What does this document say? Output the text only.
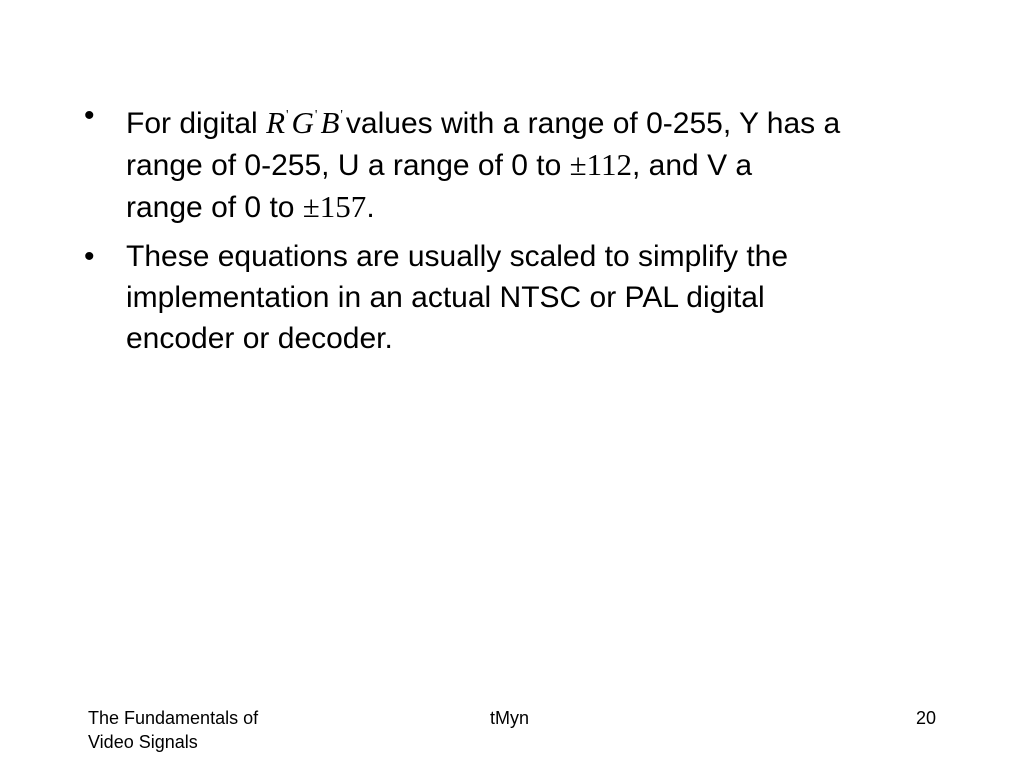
•	For digital R'G'B' values with a range of 0-255, Y has a
range of 0-255, U a range of 0 to ±112, and V a
range of 0 to ±157.
•	These equations are usually scaled to simplify the
implementation in an actual NTSC or PAL digital
encoder or decoder.
The Fundamentals of
Video Signals
tMyn	20
